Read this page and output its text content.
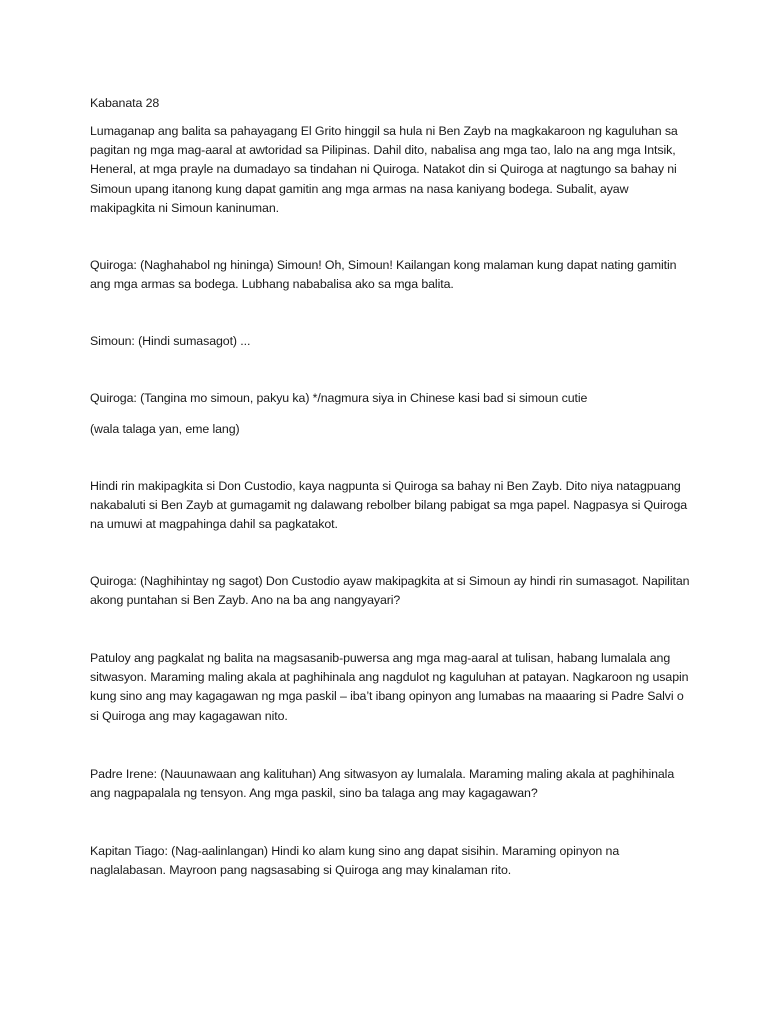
Kabanata 28

Lumaganap ang balita sa pahayagang El Grito hinggil sa hula ni Ben Zayb na magkakaroon ng kaguluhan sa pagitan ng mga mag-aaral at awtoridad sa Pilipinas. Dahil dito, nabalisa ang mga tao, lalo na ang mga Intsik, Heneral, at mga prayle na dumadayo sa tindahan ni Quiroga. Natakot din si Quiroga at nagtungo sa bahay ni Simoun upang itanong kung dapat gamitin ang mga armas na nasa kaniyang bodega. Subalit, ayaw makipagkita ni Simoun kaninuman.

Quiroga: (Naghahabol ng hininga) Simoun! Oh, Simoun! Kailangan kong malaman kung dapat nating gamitin ang mga armas sa bodega. Lubhang nababalisa ako sa mga balita.

Simoun: (Hindi sumasagot) ...

Quiroga: (Tangina mo simoun, pakyu ka) */nagmura siya in Chinese kasi bad si simoun cutie

(wala talaga yan, eme lang)

Hindi rin makipagkita si Don Custodio, kaya nagpunta si Quiroga sa bahay ni Ben Zayb. Dito niya natagpuang nakabaluti si Ben Zayb at gumagamit ng dalawang rebolber bilang pabigat sa mga papel. Nagpasya si Quiroga na umuwi at magpahinga dahil sa pagkatakot.

Quiroga: (Naghihintay ng sagot) Don Custodio ayaw makipagkita at si Simoun ay hindi rin sumasagot. Napilitan akong puntahan si Ben Zayb. Ano na ba ang nangyayari?

Patuloy ang pagkalat ng balita na magsasanib-puwersa ang mga mag-aaral at tulisan, habang lumalala ang sitwasyon. Maraming maling akala at paghihinala ang nagdulot ng kaguluhan at patayan. Nagkaroon ng usapin kung sino ang may kagagawan ng mga paskil – iba’t ibang opinyon ang lumabas na maaaring si Padre Salvi o si Quiroga ang may kagagawan nito.

Padre Irene: (Nauunawaan ang kalituhan) Ang sitwasyon ay lumalala. Maraming maling akala at paghihinala ang nagpapalala ng tensyon. Ang mga paskil, sino ba talaga ang may kagagawan?

Kapitan Tiago: (Nag-aalinlangan) Hindi ko alam kung sino ang dapat sisihin. Maraming opinyon na naglalabasan. Mayroon pang nagsasabing si Quiroga ang may kinalaman rito.
